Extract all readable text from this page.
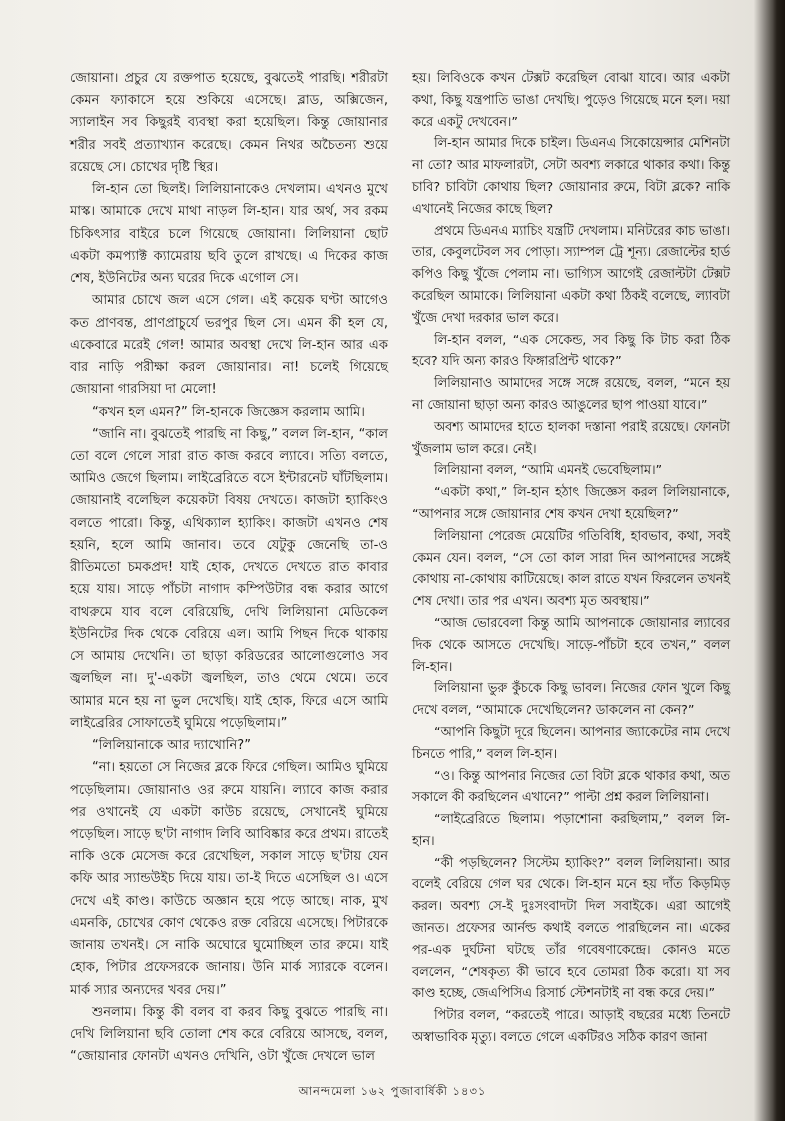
জোয়ানা। প্রচুর যে রক্তপাত হয়েছে, বুঝতেই পারছি। শরীরটা কেমন ফ্যাকাসে হয়ে শুকিয়ে এসেছে। ব্লাড, অক্সিজেন, স্যালাইন সব কিছুরই ব্যবস্থা করা হয়েছিল। কিন্তু জোয়ানার শরীর সবই প্রত্যাখ্যান করেছে। কেমন নিথর অচৈতন্য শুয়ে রয়েছে সে। চোখের দৃষ্টি স্থির।

লি-হান তো ছিলই। লিলিয়ানাকেও দেখলাম। এখনও মুখে মাস্ক। আমাকে দেখে মাথা নাড়ল লি-হান। যার অর্থ, সব রকম চিকিৎসার বাইরে চলে গিয়েছে জোয়ানা। লিলিয়ানা ছোট একটা কমপ্যাক্ট ক্যামেরায় ছবি তুলে রাখছে। এ দিকের কাজ শেষ, ইউনিটের অন্য ঘরের দিকে এগোল সে।

আমার চোখে জল এসে গেল। এই কয়েক ঘণ্টা আগেও কত প্রাণবন্ত, প্রাণপ্রাচুর্যে ভরপুর ছিল সে। এমন কী হল যে, একেবারে মরেই গেল! আমার অবস্থা দেখে লি-হান আর এক বার নাড়ি পরীক্ষা করল জোয়ানার। না! চলেই গিয়েছে জোয়ানা গারসিয়া দা মেলো!

“কখন হল এমন?” লি-হানকে জিজ্ঞেস করলাম আমি।

“জানি না। বুঝতেই পারছি না কিছু,” বলল লি-হান, “কাল তো বলে গেলে সারা রাত কাজ করবে ল্যাবে। সত্যি বলতে, আমিও জেগে ছিলাম। লাইব্রেরিতে বসে ইন্টারনেট ঘাঁটছিলাম। জোয়ানাই বলেছিল কয়েকটা বিষয় দেখতে। কাজটা হ্যাকিংও বলতে পারো। কিন্তু, এথিক্যাল হ্যাকিং। কাজটা এখনও শেষ হয়নি, হলে আমি জানাব। তবে যেটুকু জেনেছি তা-ও রীতিমতো চমকপ্রদ! যাই হোক, দেখতে দেখতে রাত কাবার হয়ে যায়। সাড়ে পাঁচটা নাগাদ কম্পিউটার বন্ধ করার আগে বাথরুমে যাব বলে বেরিয়েছি, দেখি লিলিয়ানা মেডিকেল ইউনিটের দিক থেকে বেরিয়ে এল। আমি পিছন দিকে থাকায় সে আমায় দেখেনি। তা ছাড়া করিডরের আলোগুলোও সব জ্বলছিল না। দু'-একটা জ্বলছিল, তাও থেমে থেমে। তবে আমার মনে হয় না ভুল দেখেছি। যাই হোক, ফিরে এসে আমি লাইব্রেরির সোফাতেই ঘুমিয়ে পড়েছিলাম।”

“লিলিয়ানাকে আর দ্যাখোনি?”

“না। হয়তো সে নিজের ব্লকে ফিরে গেছিল। আমিও ঘুমিয়ে পড়েছিলাম। জোয়ানাও ওর রুমে যায়নি। ল্যাবে কাজ করার পর ওখানেই যে একটা কাউচ রয়েছে, সেখানেই ঘুমিয়ে পড়েছিল। সাড়ে ছ'টা নাগাদ লিবি আবিষ্কার করে প্রথম। রাতেই নাকি ওকে মেসেজ করে রেখেছিল, সকাল সাড়ে ছ'টায় যেন কফি আর স্যান্ডউইচ দিয়ে যায়। তা-ই দিতে এসেছিল ও। এসে দেখে এই কাণ্ড। কাউচে অজ্ঞান হয়ে পড়ে আছে। নাক, মুখ এমনকি, চোখের কোণ থেকেও রক্ত বেরিয়ে এসেছে। পিটারকে জানায় তখনই। সে নাকি অঘোরে ঘুমোচ্ছিল তার রুমে। যাই হোক, পিটার প্রফেসরকে জানায়। উনি মার্ক স্যারকে বলেন। মার্ক স্যার অন্যদের খবর দেয়।”

শুনলাম। কিন্তু কী বলব বা করব কিছু বুঝতে পারছি না। দেখি লিলিয়ানা ছবি তোলা শেষ করে বেরিয়ে আসছে, বলল, “জোয়ানার ফোনটা এখনও দেখিনি, ওটা খুঁজে দেখলে ভাল

হয়। লিবিওকে কখন টেক্সট করেছিল বোঝা যাবে। আর একটা কথা, কিছু যন্ত্রপাতি ভাঙা দেখছি। পুড়েও গিয়েছে মনে হল। দয়া করে একটু দেখবেন।”

লি-হান আমার দিকে চাইল। ডিএনএ সিকোয়েন্সার মেশিনটা না তো? আর মাফলারটা, সেটা অবশ্য লকারে থাকার কথা। কিন্তু চাবি? চাবিটা কোথায় ছিল? জোয়ানার রুমে, বিটা ব্লকে? নাকি এখানেই নিজের কাছে ছিল?

প্রথমে ডিএনএ ম্যাচিং যন্ত্রটি দেখলাম। মনিটরের কাচ ভাঙা। তার, কেবুলটেবল সব পোড়া। স্যাম্পল ট্রে শূন্য। রেজাল্টের হার্ড কপিও কিছু খুঁজে পেলাম না। ভাগ্যিস আগেই রেজাল্টটা টেক্সট করেছিল আমাকে। লিলিয়ানা একটা কথা ঠিকই বলেছে, ল্যাবটা খুঁজে দেখা দরকার ভাল করে।

লি-হান বলল, “এক সেকেন্ড, সব কিছু কি টাচ করা ঠিক হবে? যদি অন্য কারও ফিঙ্গারপ্রিন্ট থাকে?”

লিলিয়ানাও আমাদের সঙ্গে সঙ্গে রয়েছে, বলল, “মনে হয় না জোয়ানা ছাড়া অন্য কারও আঙুলের ছাপ পাওয়া যাবে।”

অবশ্য আমাদের হাতে হালকা দস্তানা পরাই রয়েছে। ফোনটা খুঁজলাম ভাল করে। নেই।

লিলিয়ানা বলল, “আমি এমনই ভেবেছিলাম।”

“একটা কথা,” লি-হান হঠাৎ জিজ্ঞেস করল লিলিয়ানাকে, “আপনার সঙ্গে জোয়ানার শেষ কখন দেখা হয়েছিল?”

লিলিয়ানা পেরেজ মেয়েটির গতিবিধি, হাবভাব, কথা, সবই কেমন যেন। বলল, “সে তো কাল সারা দিন আপনাদের সঙ্গেই কোথায় না-কোথায় কাটিয়েছে। কাল রাতে যখন ফিরলেন তখনই শেষ দেখা। তার পর এখন। অবশ্য মৃত অবস্থায়।”

“আজ ভোরবেলা কিন্তু আমি আপনাকে জোয়ানার ল্যাবের দিক থেকে আসতে দেখেছি। সাড়ে-পাঁচটা হবে তখন,” বলল লি-হান।

লিলিয়ানা ভুরু কুঁচকে কিছু ভাবল। নিজের ফোন খুলে কিছু দেখে বলল, “আমাকে দেখেছিলেন? ডাকলেন না কেন?”

“আপনি কিছুটা দূরে ছিলেন। আপনার জ্যাকেটের নাম দেখে চিনতে পারি,” বলল লি-হান।

“ও। কিন্তু আপনার নিজের তো বিটা ব্লকে থাকার কথা, অত সকালে কী করছিলেন এখানে?” পাল্টা প্রশ্ন করল লিলিয়ানা।

“লাইব্রেরিতে ছিলাম। পড়াশোনা করছিলাম,” বলল লি-হান।

“কী পড়ছিলেন? সিস্টেম হ্যাকিং?” বলল লিলিয়ানা। আর বলেই বেরিয়ে গেল ঘর থেকে। লি-হান মনে হয় দাঁত কিড়মিড় করল। অবশ্য সে-ই দুঃসংবাদটা দিল সবাইকে। এরা আগেই জানত। প্রফেসর আর্নল্ড কথাই বলতে পারছিলেন না। একের পর-এক দুর্ঘটনা ঘটছে তাঁর গবেষণাকেন্দ্রে। কোনও মতে বললেন, “শেষকৃত্য কী ভাবে হবে তোমরা ঠিক করো। যা সব কাণ্ড হচ্ছে, জেএপিসিএ রিসার্চ স্টেশনটাই না বন্ধ করে দেয়।”

পিটার বলল, “করতেই পারে। আড়াই বছরের মধ্যে তিনটে অস্বাভাবিক মৃত্যু। বলতে গেলে একটিরও সঠিক কারণ জানা

আনন্দমেলা ১৬২ পুজাবার্ষিকী ১৪৩১
